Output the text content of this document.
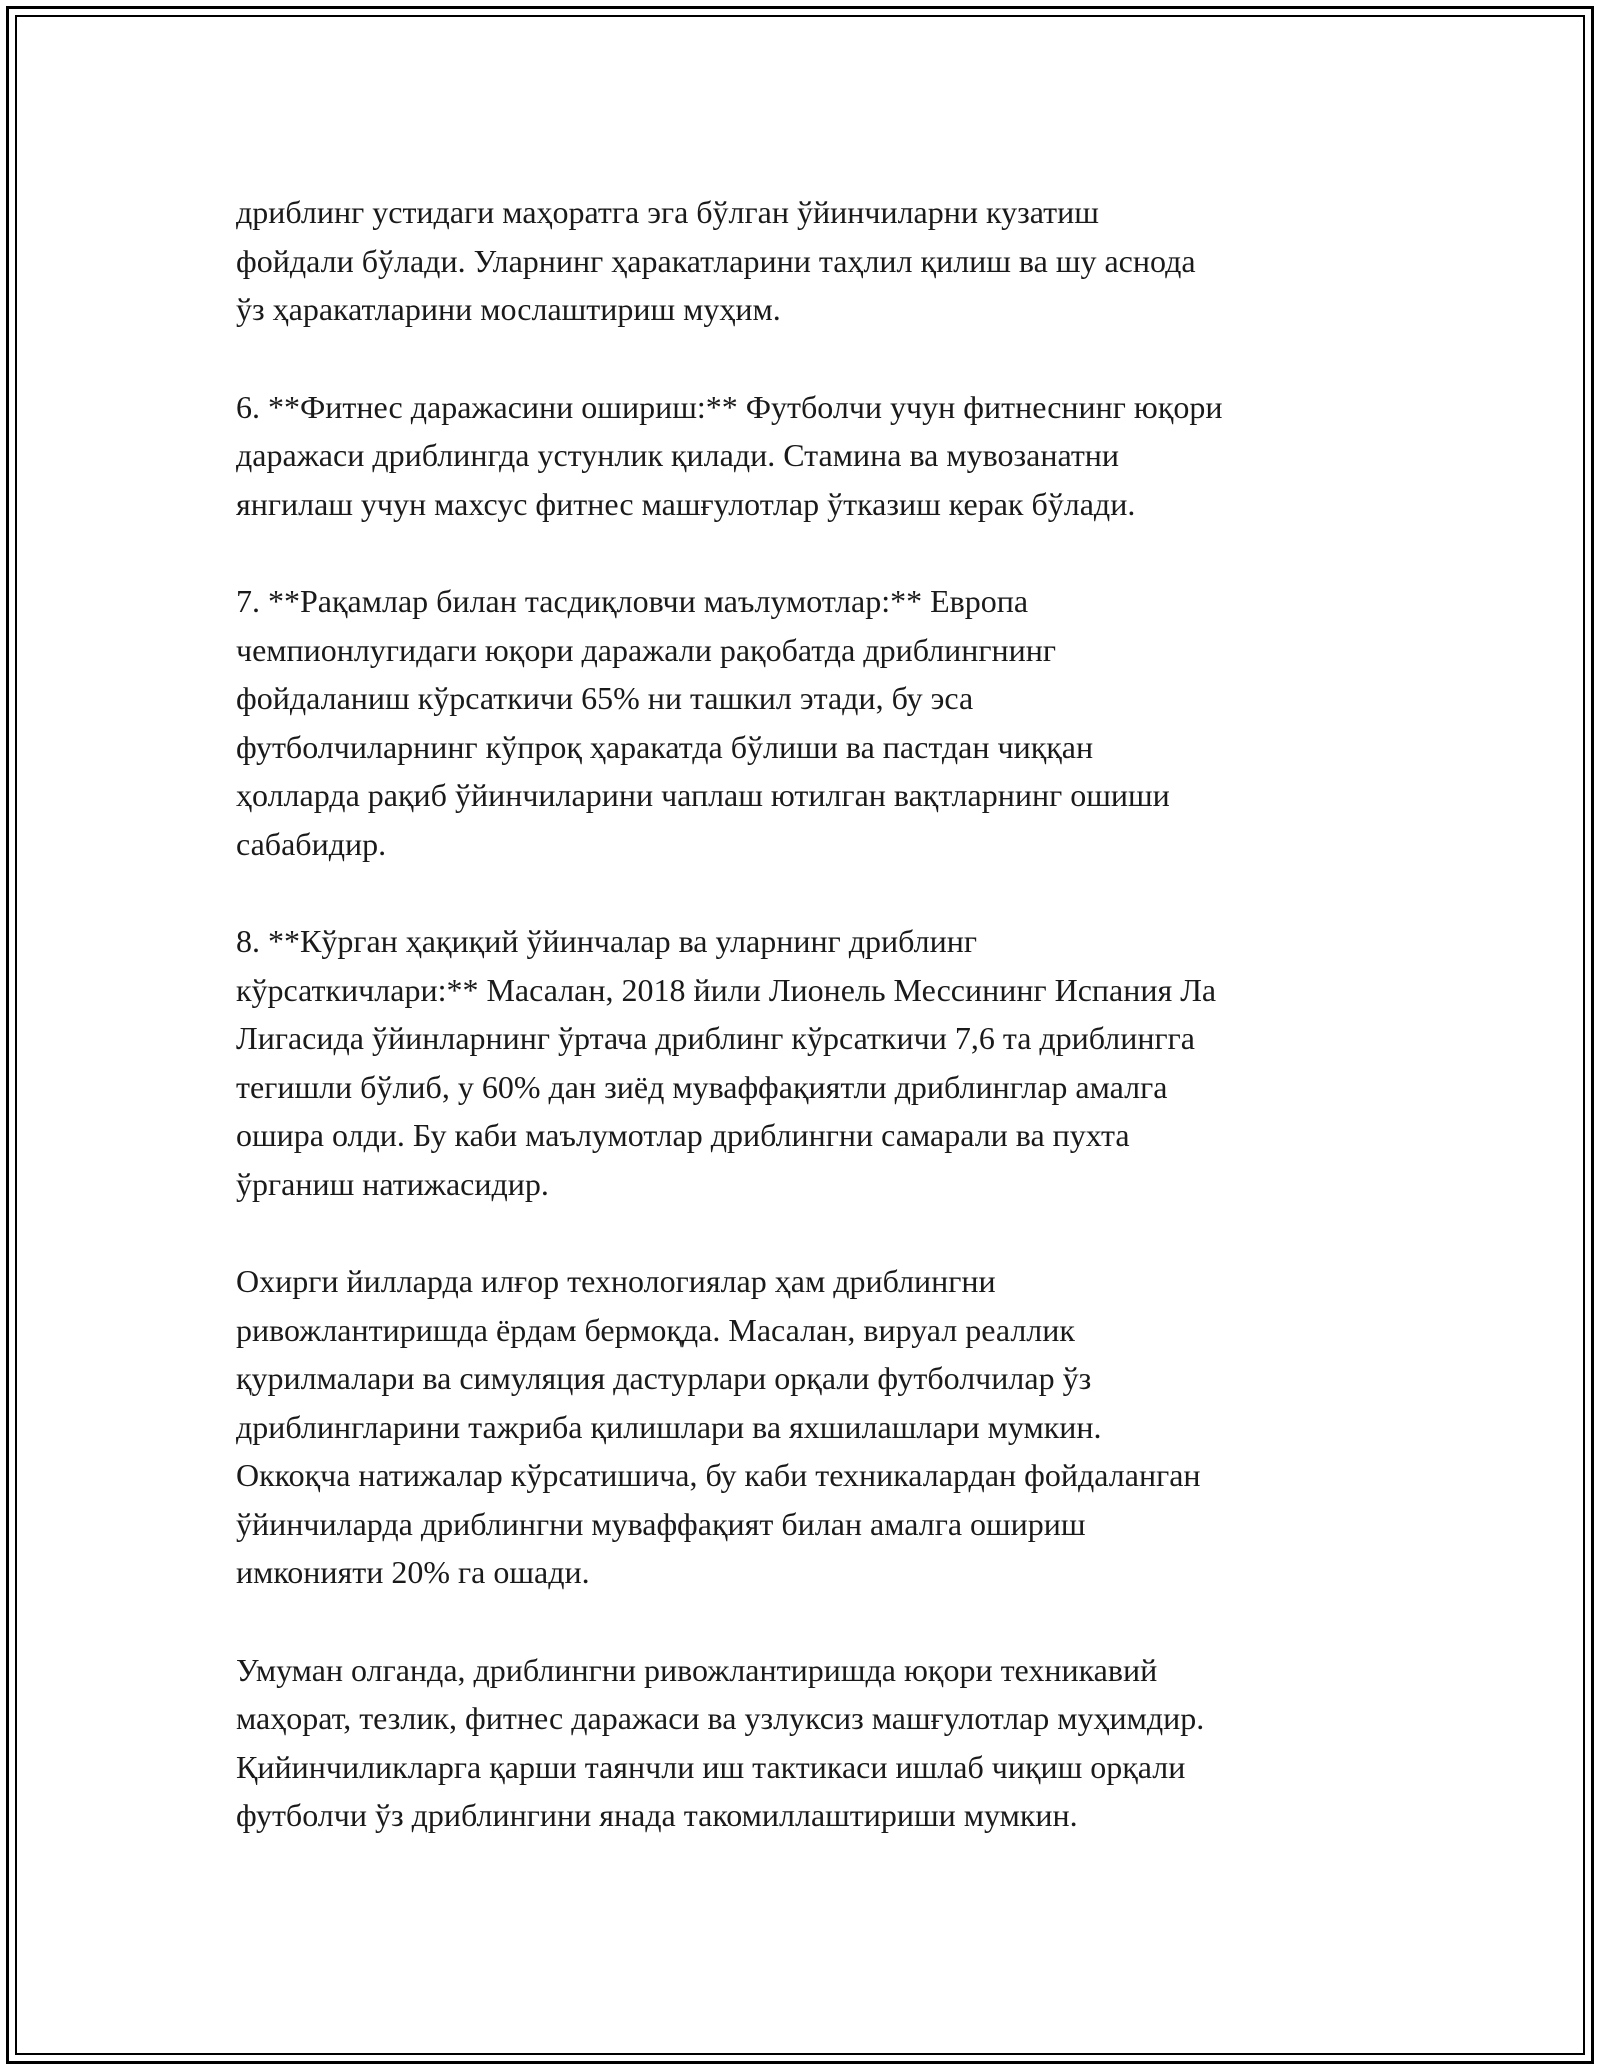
дриблинг устидаги маҳоратга эга бўлган ўйинчиларни кузатиш
фойдали бўлади. Уларнинг ҳаракатларини таҳлил қилиш ва шу аснода
ўз ҳаракатларини мослаштириш муҳим.

6. **Фитнес даражасини ошириш:** Футболчи учун фитнеснинг юқори
даражаси дриблингда устунлик қилади. Стамина ва мувозанатни
янгилаш учун махсус фитнес машғулотлар ўтказиш керак бўлади.

7. **Рақамлар билан тасдиқловчи маълумотлар:** Европа
чемпионлугидаги юқори даражали рақобатда дриблингнинг
фойдаланиш кўрсаткичи 65% ни ташкил этади, бу эса
футболчиларнинг кўпроқ ҳаракатда бўлиши ва пастдан чиққан
ҳолларда рақиб ўйинчиларини чаплаш ютилган вақтларнинг ошиши
сабабидир.

8. **Кўрган ҳақиқий ўйинчалар ва уларнинг дриблинг
кўрсаткичлари:** Масалан, 2018 йили Лионель Мессининг Испания Ла
Лигасида ўйинларнинг ўртача дриблинг кўрсаткичи 7,6 та дриблингга
тегишли бўлиб, у 60% дан зиёд муваффақиятли дриблинглар амалга
ошира олди. Бу каби маълумотлар дриблингни самарали ва пухта
ўрганиш натижасидир.

Охирги йилларда илғор технологиялар ҳам дриблингни
ривожлантиришда ёрдам бермоқда. Масалан, вируал реаллик
қурилмалари ва симуляция дастурлари орқали футболчилар ўз
дриблингларини тажриба қилишлари ва яхшилашлари мумкин.
Оккоқча натижалар кўрсатишича, бу каби техникалардан фойдаланган
ўйинчиларда дриблингни муваффақият билан амалга ошириш
имконияти 20% га ошади.

Умуман олганда, дриблингни ривожлантиришда юқори техникавий
маҳорат, тезлик, фитнес даражаси ва узлуксиз машғулотлар муҳимдир.
Қийинчиликларга қарши таянчли иш тактикаси ишлаб чиқиш орқали
футболчи ўз дриблингини янада такомиллаштириши мумкин.
